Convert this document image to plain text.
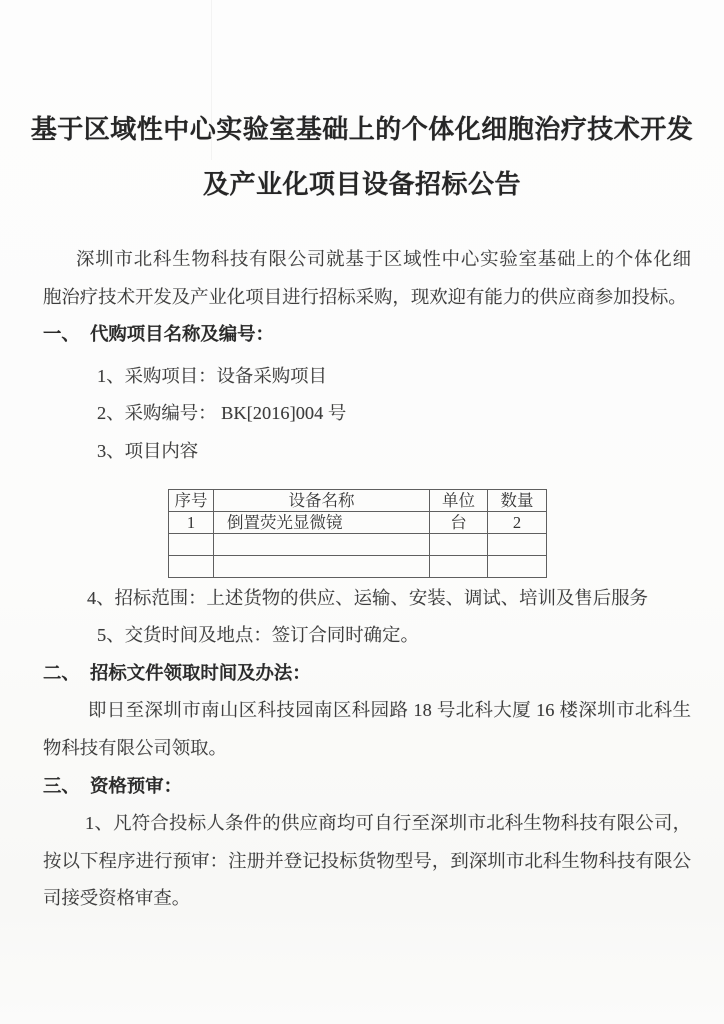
基于区域性中心实验室基础上的个体化细胞治疗技术开发
及产业化项目设备招标公告
深圳市北科生物科技有限公司就基于区域性中心实验室基础上的个体化细
胞治疗技术开发及产业化项目进行招标采购，现欢迎有能力的供应商参加投标。
一、 代购项目名称及编号：
1、采购项目：设备采购项目
2、采购编号： BK[2016]004 号
3、项目内容
序号	设备名称	单位	数量
1	倒置荧光显微镜	台	2

4、招标范围：上述货物的供应、运输、安装、调试、培训及售后服务
5、交货时间及地点：签订合同时确定。
二、 招标文件领取时间及办法：
即日至深圳市南山区科技园南区科园路 18 号北科大厦 16 楼深圳市北科生
物科技有限公司领取。
三、 资格预审：
1、凡符合投标人条件的供应商均可自行至深圳市北科生物科技有限公司，
按以下程序进行预审：注册并登记投标货物型号，到深圳市北科生物科技有限公
司接受资格审查。
